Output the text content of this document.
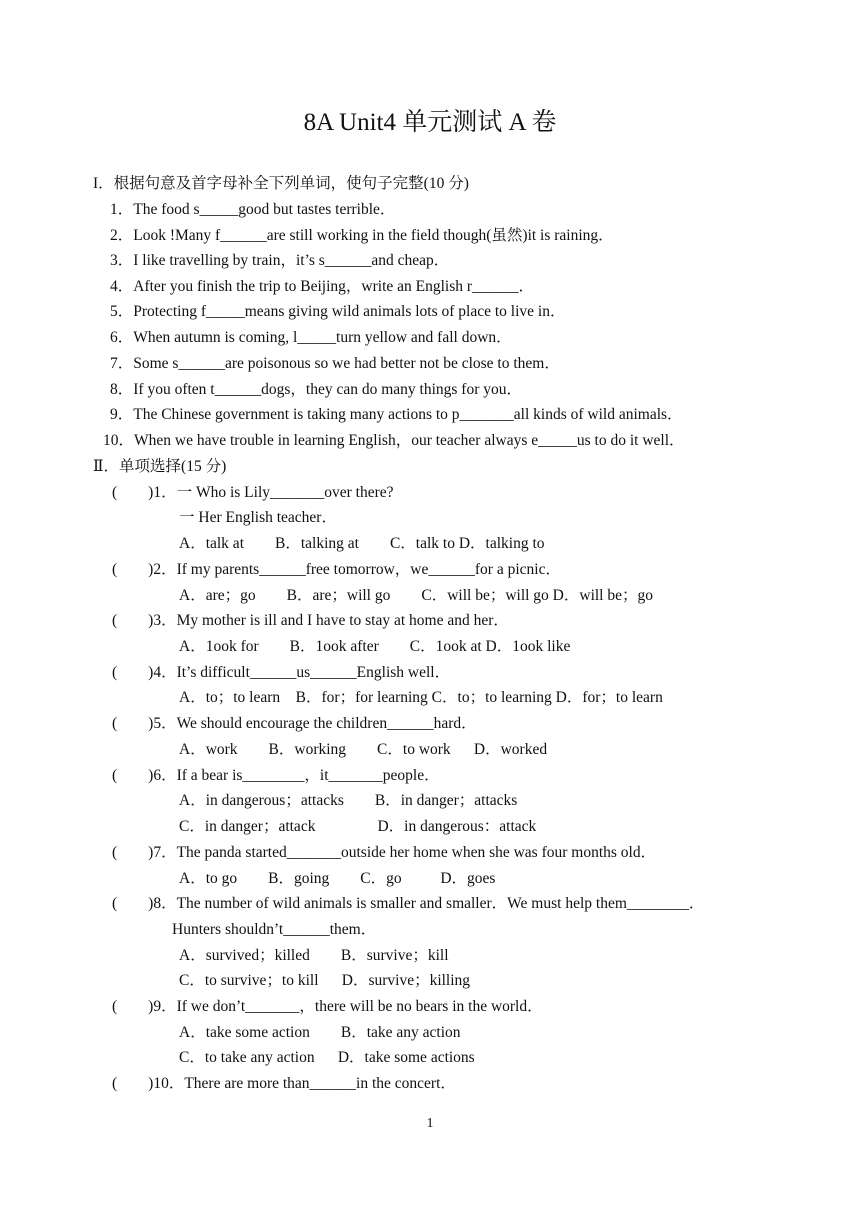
8A Unit4 单元测试 A 卷
I．根据句意及首字母补全下列单词，使句子完整(10 分)
1．The food s_____good but tastes terrible．
2．Look !Many f______are still working in the field though(虽然)it is raining．
3．I like travelling by train，it’s s______and cheap．
4．After you finish the trip to Beijing，write an English r______．
5．Protecting f_____means giving wild animals lots of place to live in．
6．When autumn is coming, l_____turn yellow and fall down．
7．Some s______are poisonous so we had better not be close to them．
8．If you often t______dogs，they can do many things for you．
9．The Chinese government is taking many actions to p_______all kinds of wild animals．
10．When we have trouble in learning English，our teacher always e_____us to do it well．
Ⅱ．单项选择(15 分)
(        )1．一 Who is Lily_______over there?
一 Her English teacher．
A．talk at        B．talking at        C．talk to D．talking to
(        )2．If my parents______free tomorrow，we______for a picnic．
A．are；go        B．are；will go        C．will be；will go D．will be；go
(        )3．My mother is ill and I have to stay at home and her．
A．1ook for        B．1ook after        C．1ook at D．1ook like
(        )4．It’s difficult______us______English well．
A．to；to learn    B．for；for learning C．to；to learning D．for；to learn
(        )5．We should encourage the children______hard．
A．work        B．working        C．to work      D．worked
(        )6．If a bear is________，it_______people．
A．in dangerous；attacks        B．in danger；attacks
C．in danger；attack                D．in dangerous：attack
(        )7．The panda started_______outside her home when she was four months old．
A．to go        B．going        C．go          D．goes
(        )8．The number of wild animals is smaller and smaller．We must help them________．
Hunters shouldn’t______them．
A．survived；killed        B．survive；kill
C．to survive；to kill      D．survive；killing
(        )9．If we don’t_______，there will be no bears in the world．
A．take some action        B．take any action
C．to take any action      D．take some actions
(        )10．There are more than______in the concert．
1
